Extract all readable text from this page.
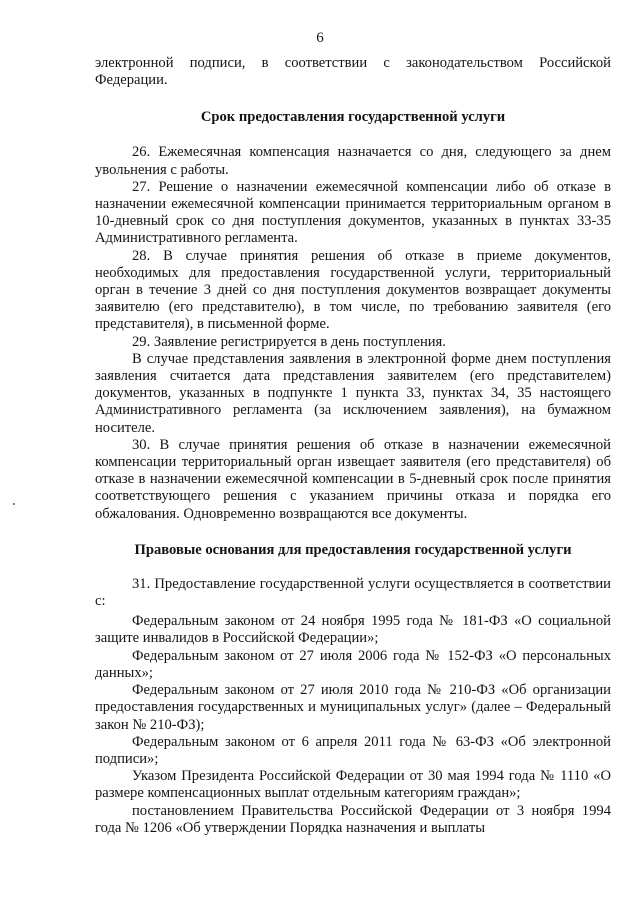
6

электронной подписи, в соответствии с законодательством Российской Федерации.

Срок предоставления государственной услуги

26. Ежемесячная компенсация назначается со дня, следующего за днем увольнения с работы.

27. Решение о назначении ежемесячной компенсации либо об отказе в назначении ежемесячной компенсации принимается территориальным органом в 10-дневный срок со дня поступления документов, указанных в пунктах 33-35 Административного регламента.

28. В случае принятия решения об отказе в приеме документов, необходимых для предоставления государственной услуги, территориальный орган в течение 3 дней со дня поступления документов возвращает документы заявителю (его представителю), в том числе, по требованию заявителя (его представителя), в письменной форме.

29. Заявление регистрируется в день поступления.

В случае представления заявления в электронной форме днем поступления заявления считается дата представления заявителем (его представителем) документов, указанных в подпункте 1 пункта 33, пунктах 34, 35 настоящего Административного регламента (за исключением заявления), на бумажном носителе.

30. В случае принятия решения об отказе в назначении ежемесячной компенсации территориальный орган извещает заявителя (его представителя) об отказе в назначении ежемесячной компенсации в 5-дневный срок после принятия соответствующего решения с указанием причины отказа и порядка его обжалования. Одновременно возвращаются все документы.

Правовые основания для предоставления государственной услуги

31. Предоставление государственной услуги осуществляется в соответствии с:

Федеральным законом от 24 ноября 1995 года № 181-ФЗ «О социальной защите инвалидов в Российской Федерации»;

Федеральным законом от 27 июля 2006 года № 152-ФЗ «О персональных данных»;

Федеральным законом от 27 июля 2010 года № 210-ФЗ «Об организации предоставления государственных и муниципальных услуг» (далее – Федеральный закон № 210-ФЗ);

Федеральным законом от 6 апреля 2011 года № 63-ФЗ «Об электронной подписи»;

Указом Президента Российской Федерации от 30 мая 1994 года № 1110 «О размере компенсационных выплат отдельным категориям граждан»;

постановлением Правительства Российской Федерации от 3 ноября 1994 года № 1206 «Об утверждении Порядка назначения и выплаты
